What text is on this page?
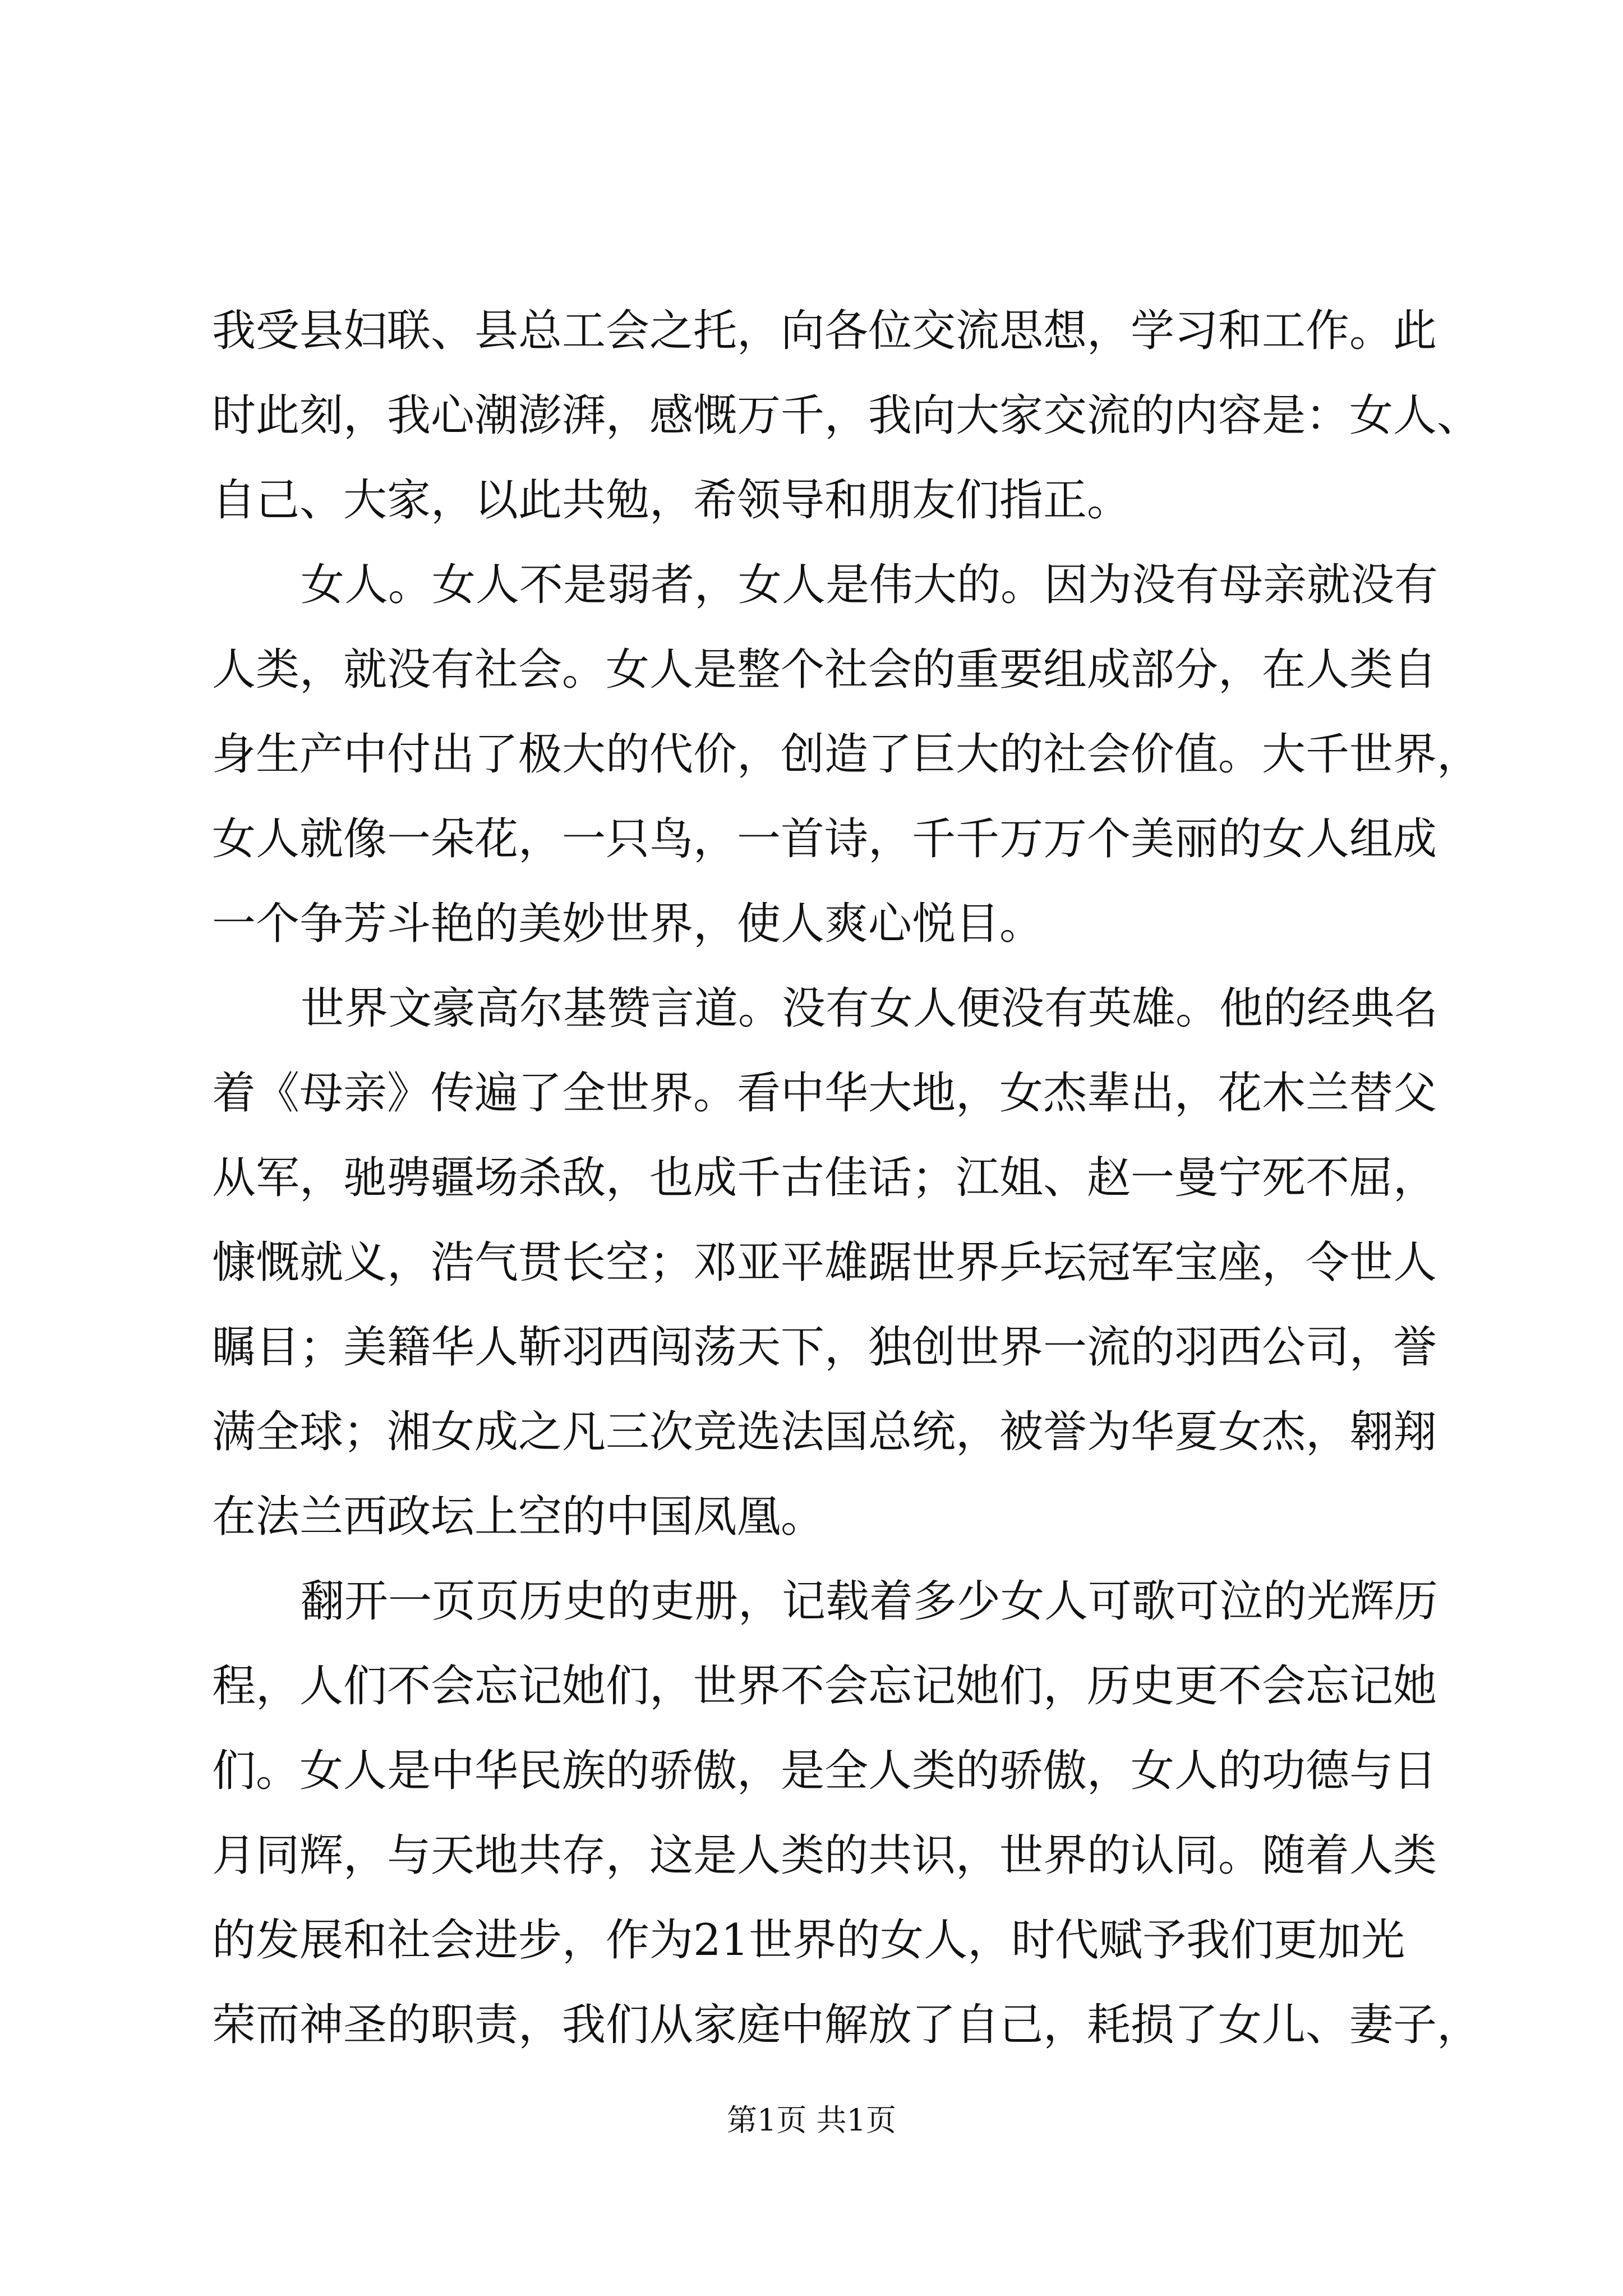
我受县妇联、县总工会之托，向各位交流思想，学习和工作。此
时此刻，我心潮澎湃，感慨万千，我向大家交流的内容是：女人、
自己、大家，以此共勉，希领导和朋友们指正。
女人。女人不是弱者，女人是伟大的。因为没有母亲就没有
人类，就没有社会。女人是整个社会的重要组成部分，在人类自
身生产中付出了极大的代价，创造了巨大的社会价值。大千世界，
女人就像一朵花，一只鸟，一首诗，千千万万个美丽的女人组成
一个争芳斗艳的美妙世界，使人爽心悦目。
世界文豪高尔基赞言道。没有女人便没有英雄。他的经典名
着《母亲》传遍了全世界。看中华大地，女杰辈出，花木兰替父
从军，驰骋疆场杀敌，也成千古佳话；江姐、赵一曼宁死不屈，
慷慨就义，浩气贯长空；邓亚平雄踞世界乒坛冠军宝座，令世人
瞩目；美籍华人靳羽西闯荡天下，独创世界一流的羽西公司，誉
满全球；湘女成之凡三次竞选法国总统，被誉为华夏女杰，翱翔
在法兰西政坛上空的中国凤凰。
翻开一页页历史的吏册，记载着多少女人可歌可泣的光辉历
程，人们不会忘记她们，世界不会忘记她们，历史更不会忘记她
们。女人是中华民族的骄傲，是全人类的骄傲，女人的功德与日
月同辉，与天地共存，这是人类的共识，世界的认同。随着人类
的发展和社会进步，作为21世界的女人，时代赋予我们更加光
荣而神圣的职责，我们从家庭中解放了自己，耗损了女儿、妻子，
第1页 共1页
